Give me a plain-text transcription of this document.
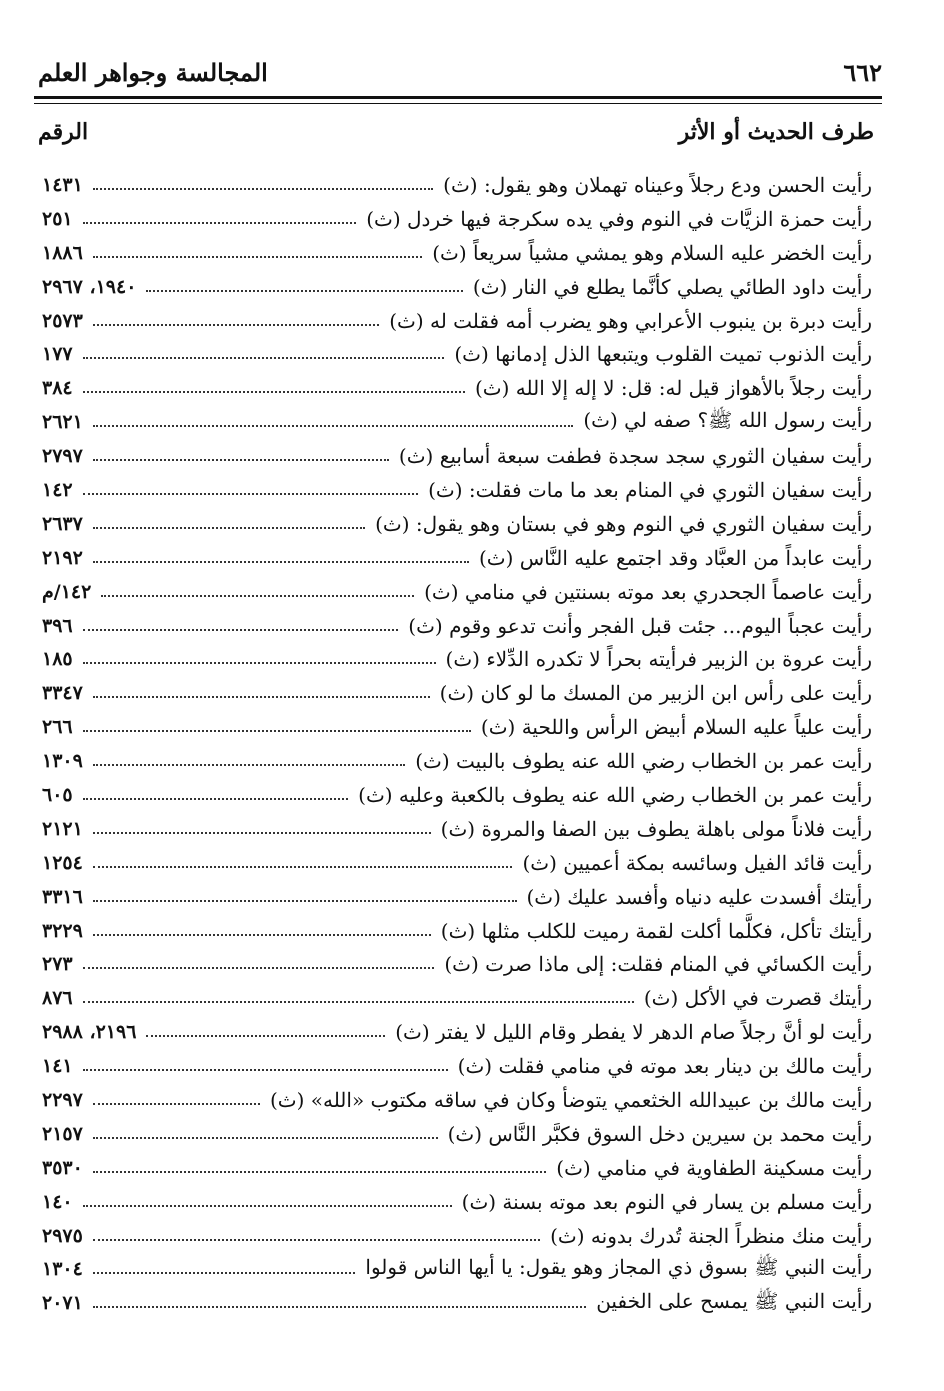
٦٦٢
المجالسة وجواهر العلم
طرف الحديث أو الأثر
الرقم
رأيت الحسن ودع رجلاً وعيناه تهملان وهو يقول: (ث)
١٤٣١
رأيت حمزة الزيَّات في النوم وفي يده سكرجة فيها خردل (ث)
٢٥١
رأيت الخضر عليه السلام وهو يمشي مشياً سريعاً (ث)
١٨٨٦
رأيت داود الطائي يصلي كأنَّما يطلع في النار (ث)
١٩٤٠، ٢٩٦٧
رأيت دبرة بن ينبوب الأعرابي وهو يضرب أمه فقلت له (ث)
٢٥٧٣
رأيت الذنوب تميت القلوب ويتبعها الذل إدمانها (ث)
١٧٧
رأيت رجلاً بالأهواز قيل له: قل: لا إله إلا الله (ث)
٣٨٤
رأيت رسول الله ﷺ؟ صفه لي (ث)
٢٦٢١
رأيت سفيان الثوري سجد سجدة فطفت سبعة أسابيع (ث)
٢٧٩٧
رأيت سفيان الثوري في المنام بعد ما مات فقلت: (ث)
١٤٢
رأيت سفيان الثوري في النوم وهو في بستان وهو يقول: (ث)
٢٦٣٧
رأيت عابداً من العبَّاد وقد اجتمع عليه النَّاس (ث)
٢١٩٢
رأيت عاصماً الجحدري بعد موته بسنتين في منامي (ث)
١٤٢/م
رأيت عجباً اليوم... جئت قبل الفجر وأنت تدعو وقوم (ث)
٣٩٦
رأيت عروة بن الزبير فرأيته بحراً لا تكدره الدِّلاء (ث)
١٨٥
رأيت على رأس ابن الزبير من المسك ما لو كان (ث)
٣٣٤٧
رأيت علياً عليه السلام أبيض الرأس واللحية (ث)
٢٦٦
رأيت عمر بن الخطاب رضي الله عنه يطوف بالبيت (ث)
١٣٠٩
رأيت عمر بن الخطاب رضي الله عنه يطوف بالكعبة وعليه (ث)
٦٠٥
رأيت فلاناً مولى باهلة يطوف بين الصفا والمروة (ث)
٢١٢١
رأيت قائد الفيل وسائسه بمكة أعميين (ث)
١٢٥٤
رأيتك أفسدت عليه دنياه وأفسد عليك (ث)
٣٣١٦
رأيتك تأكل، فكلَّما أكلت لقمة رميت للكلب مثلها (ث)
٣٢٢٩
رأيت الكسائي في المنام فقلت: إلى ماذا صرت (ث)
٢٧٣
رأيتك قصرت في الأكل (ث)
٨٧٦
رأيت لو أنَّ رجلاً صام الدهر لا يفطر وقام الليل لا يفتر (ث)
٢١٩٦، ٢٩٨٨
رأيت مالك بن دينار بعد موته في منامي فقلت (ث)
١٤١
رأيت مالك بن عبيدالله الخثعمي يتوضأ وكان في ساقه مكتوب «الله» (ث)
٢٢٩٧
رأيت محمد بن سيرين دخل السوق فكبَّر النَّاس (ث)
٢١٥٧
رأيت مسكينة الطفاوية في منامي (ث)
٣٥٣٠
رأيت مسلم بن يسار في النوم بعد موته بسنة (ث)
١٤٠
رأيت منك منظراً الجنة تُدرك بدونه (ث)
٢٩٧٥
رأيت النبي ﷺ بسوق ذي المجاز وهو يقول: يا أيها الناس قولوا
١٣٠٤
رأيت النبي ﷺ يمسح على الخفين
٢٠٧١
